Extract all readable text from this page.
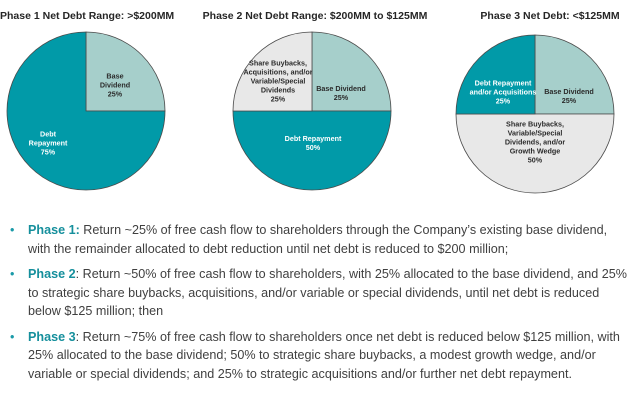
Phase 1 Net Debt Range: >$200MM	Phase 2 Net Debt Range: $200MM to $125MM	Phase 3 Net Debt: <$125MM
Base Dividend 25%
Debt Repayment 75%
Base Dividend 25%
Debt Repayment 50%
Share Buybacks, Acquisitions, and/or Variable/Special Dividends 25%
Base Dividend 25%
Share Buybacks, Variable/Special Dividends, and/or Growth Wedge 50%
Debt Repayment and/or Acquisitions 25%
• Phase 1: Return ~25% of free cash flow to shareholders through the Company’s existing base dividend, with the remainder allocated to debt reduction until net debt is reduced to $200 million;
• Phase 2: Return ~50% of free cash flow to shareholders, with 25% allocated to the base dividend, and 25% to strategic share buybacks, acquisitions, and/or variable or special dividends, until net debt is reduced below $125 million; then
• Phase 3: Return ~75% of free cash flow to shareholders once net debt is reduced below $125 million, with 25% allocated to the base dividend; 50% to strategic share buybacks, a modest growth wedge, and/or variable or special dividends; and 25% to strategic acquisitions and/or further net debt repayment.
